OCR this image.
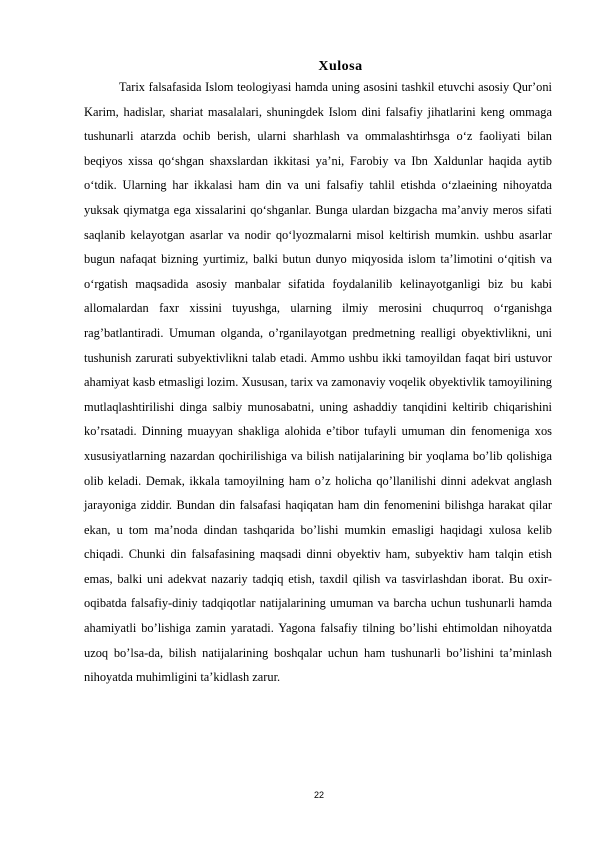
Xulosa

Tarix falsafasida Islom teologiyasi hamda uning asosini tashkil etuvchi asosiy Qurʼoni Karim, hadislar, shariat masalalari, shuningdek Islom dini falsafiy jihatlarini keng ommaga tushunarli atarzda ochib berish, ularni sharhlash va ommalashtirhsga oʻz faoliyati bilan beqiyos xissa qoʻshgan shaxslardan ikkitasi yaʼni, Farobiy va Ibn Xaldunlar haqida aytib oʻtdik. Ularning har ikkalasi ham din va uni falsafiy tahlil etishda oʻzlaeining nihoyatda yuksak qiymatga ega xissalarini qoʻshganlar. Bunga ulardan bizgacha ma’anviy meros sifati saqlanib kelayotgan asarlar va nodir qoʻlyozmalarni misol keltirish mumkin. ushbu asarlar bugun nafaqat bizning yurtimiz, balki butun dunyo miqyosida islom taʼlimotini oʻqitish va oʻrgatish maqsadida asosiy manbalar sifatida foydalanilib kelinayotganligi biz bu kabi allomalardan faxr xissini tuyushga, ularning ilmiy merosini chuqurroq oʻrganishga ragʼbatlantiradi. Umuman olganda, o’rganilayotgan predmetning realligi obyektivlikni, uni tushunish zarurati subyektivlikni talab etadi. Ammo ushbu ikki tamoyildan faqat biri ustuvor ahamiyat kasb etmasligi lozim. Xususan, tarix va zamonaviy voqelik obyektivlik tamoyilining mutlaqlashtirilishi dinga salbiy munosabatni, uning ashaddiy tanqidini keltirib chiqarishini ko’rsatadi. Dinning muayyan shakliga alohida e’tibor tufayli umuman din fenomeniga xos xususiyatlarning nazardan qochirilishiga va bilish natijalarining bir yoqlama bo’lib qolishiga olib keladi. Demak, ikkala tamoyilning ham o’z holicha qo’llanilishi dinni adekvat anglash jarayoniga ziddir. Bundan din falsafasi haqiqatan ham din fenomenini bilishga harakat qilar ekan, u tom ma’noda dindan tashqarida bo’lishi mumkin emasligi haqidagi xulosa kelib chiqadi. Chunki din falsafasining maqsadi dinni obyektiv ham, subyektiv ham talqin etish emas, balki uni adekvat nazariy tadqiq etish, taxdil qilish va tasvirlashdan iborat. Bu oxir-oqibatda falsafiy-diniy tadqiqotlar natijalarining umuman va barcha uchun tushunarli hamda ahamiyatli bo’lishiga zamin yaratadi. Yagona falsafiy tilning bo’lishi ehtimoldan nihoyatda uzoq bo’lsa-da, bilish natijalarining boshqalar uchun ham tushunarli bo’lishini ta’minlash nihoyatda muhimligini ta’kidlash zarur.

22
